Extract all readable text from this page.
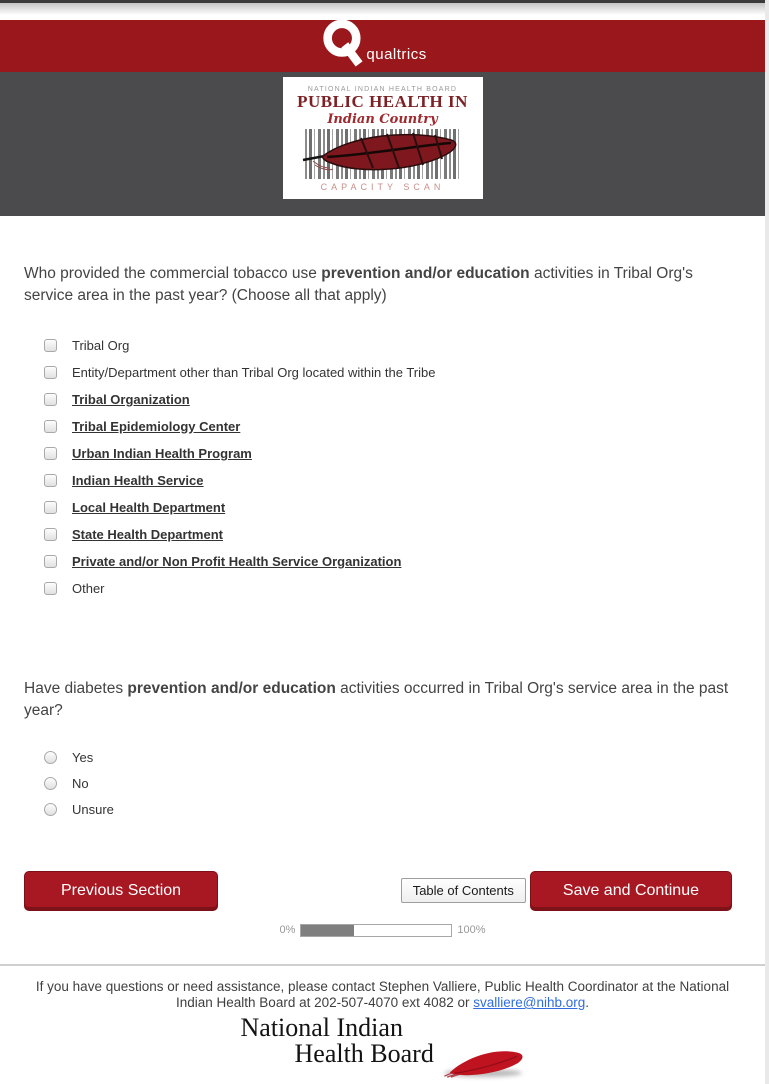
qualtrics
NATIONAL INDIAN HEALTH BOARD
PUBLIC HEALTH IN
Indian Country
CAPACITY SCAN

Who provided the commercial tobacco use prevention and/or education activities in Tribal Org's service area in the past year? (Choose all that apply)

Tribal Org
Entity/Department other than Tribal Org located within the Tribe
Tribal Organization
Tribal Epidemiology Center
Urban Indian Health Program
Indian Health Service
Local Health Department
State Health Department
Private and/or Non Profit Health Service Organization
Other

Have diabetes prevention and/or education activities occurred in Tribal Org's service area in the past year?

Yes
No
Unsure
Previous Section	Table of Contents	Save and Continue
0%	100%

If you have questions or need assistance, please contact Stephen Valliere, Public Health Coordinator at the National Indian Health Board at 202-507-4070 ext 4082 or svalliere@nihb.org.

National Indian
Health Board
